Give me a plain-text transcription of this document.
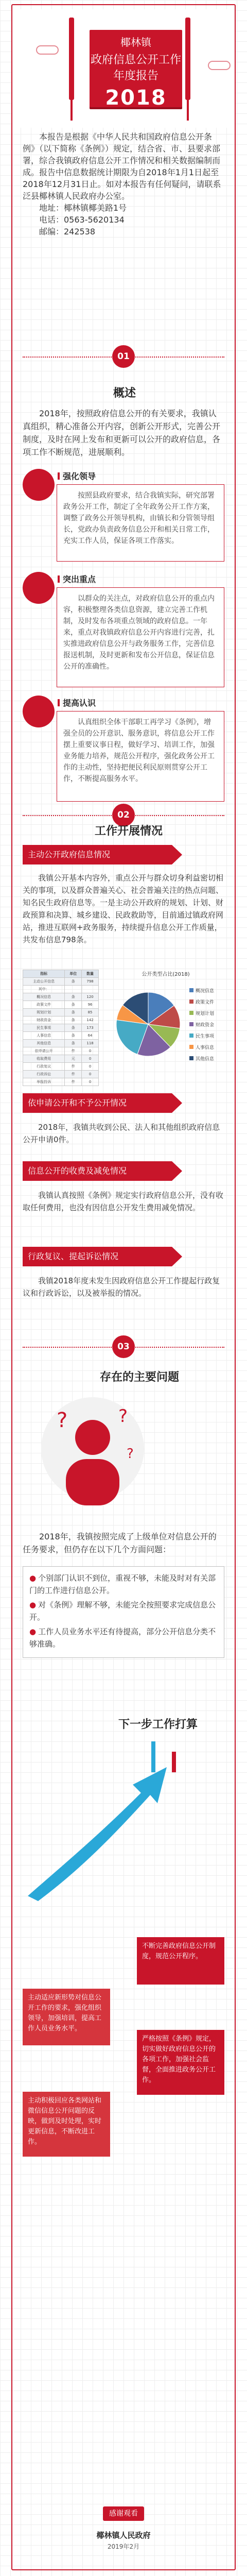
椰林镇
政府信息公开工作年度报告
2018

本报告是根据《中华人民共和国政府信息公开条例》（以下简称《条例》）规定，结合省、市、县要求部署，综合我镇政府信息公开工作情况和相关数据编制而成。报告中信息数据统计期限为自2018年1月1日起至2018年12月31日止。如对本报告有任何疑问，请联系泛县椰林镇人民政府办公室。

地址：椰林镇椰美路1号

电话：0563-5620134

邮编：242538

01
概述

2018年，按照政府信息公开的有关要求，我镇认真组织，精心准备公开内容，创新公开形式，完善公开制度，及时在网上发布和更新可以公开的政府信息，各项工作不断规范，进展顺利。

强化领导
按照县政府要求，结合我镇实际，研究部署政务公开工作，制定了全年政务公开工作方案，调整了政务公开领导机构，由镇长和分管领导组长，党政办负责政务信息公开和相关日常工作，充实工作人员，保证各项工作落实。
突出重点
以群众的关注点，对政府信息公开的重点内容，积极整理各类信息资源，建立完善工作机制，及时发布各项重点领域的政府信息。一年来，重点对我镇政府信息公开内容进行完善，扎实推进政府信息公开与政务服务工作，完善信息报送机制，及时更新和发布公开信息，保证信息公开的准确性。
提高认识
认真组织全体干部职工再学习《条例》，增强全员的公开意识、服务意识，将信息公开工作摆上重要议事日程，做好学习、培训工作，加强业务能力培养，规范公开程序，强化政务公开工作的主动性，坚持把便民利民原则贯穿公开工作，不断提高服务水平。
02
工作开展情况
主动公开政府信息情况

我镇公开基本内容外，重点公开与群众切身利益密切相关的事项，以及群众普遍关心、社会普遍关注的热点问题、知名民生政府信息等。一是主动公开政府的规划、计划、财政预算和决算、城乡建设、民政救助等，目前通过镇政府网站，推进互联网+政务服务，持续提升信息公开工作质量，共发布信息798条。

指标	单位	数量
主动公开信息	条	798
其中：		
概况信息	条	120
政策文件	条	96
规划计划	条	85
财政资金	条	142
民生事项	条	173
人事信息	条	64
其他信息	条	118
依申请公开	件	0
收取费用	元	0
行政复议	件	0
行政诉讼	件	0
举报投诉	件	0
公开类型占比(2018)
概况信息
政策文件
规划计划
财政资金
民生事项
人事信息
其他信息
依申请公开和不予公开情况

2018年，我镇共收到公民、法人和其他组织政府信息公开申请0件。

信息公开的收费及减免情况

我镇认真按照《条例》规定实行政府信息公开，没有收取任何费用，也没有因信息公开发生费用减免情况。

行政复议、提起诉讼情况

我镇2018年度未发生因政府信息公开工作提起行政复议和行政诉讼，以及被举报的情况。

03
存在的主要问题
?	?
?

2018年，我镇按照完成了上级单位对信息公开的任务要求，但仍存在以下几个方面问题：

● 个别部门认识不到位，重视不够，未能及时对有关部门的工作进行信息公开。

● 对《条例》理解不够，未能完全按照要求完成信息公开。

● 工作人员业务水平还有待提高，部分公开信息分类不够准确。

下一步工作打算
不断完善政府信息公开制度，规范公开程序。
主动适应新形势对信息公开工作的要求，强化组织领导，加强培训，提高工作人员业务水平。
严格按照《条例》规定，切实做好政府信息公开的各项工作，加强社会监督，全面推进政务公开工作。
主动积极回应各类网站和微信信息公开问题的反映，做到及时处理，实时更新信息，不断改进工作。
感谢观看
椰林镇人民政府
2019年2月
